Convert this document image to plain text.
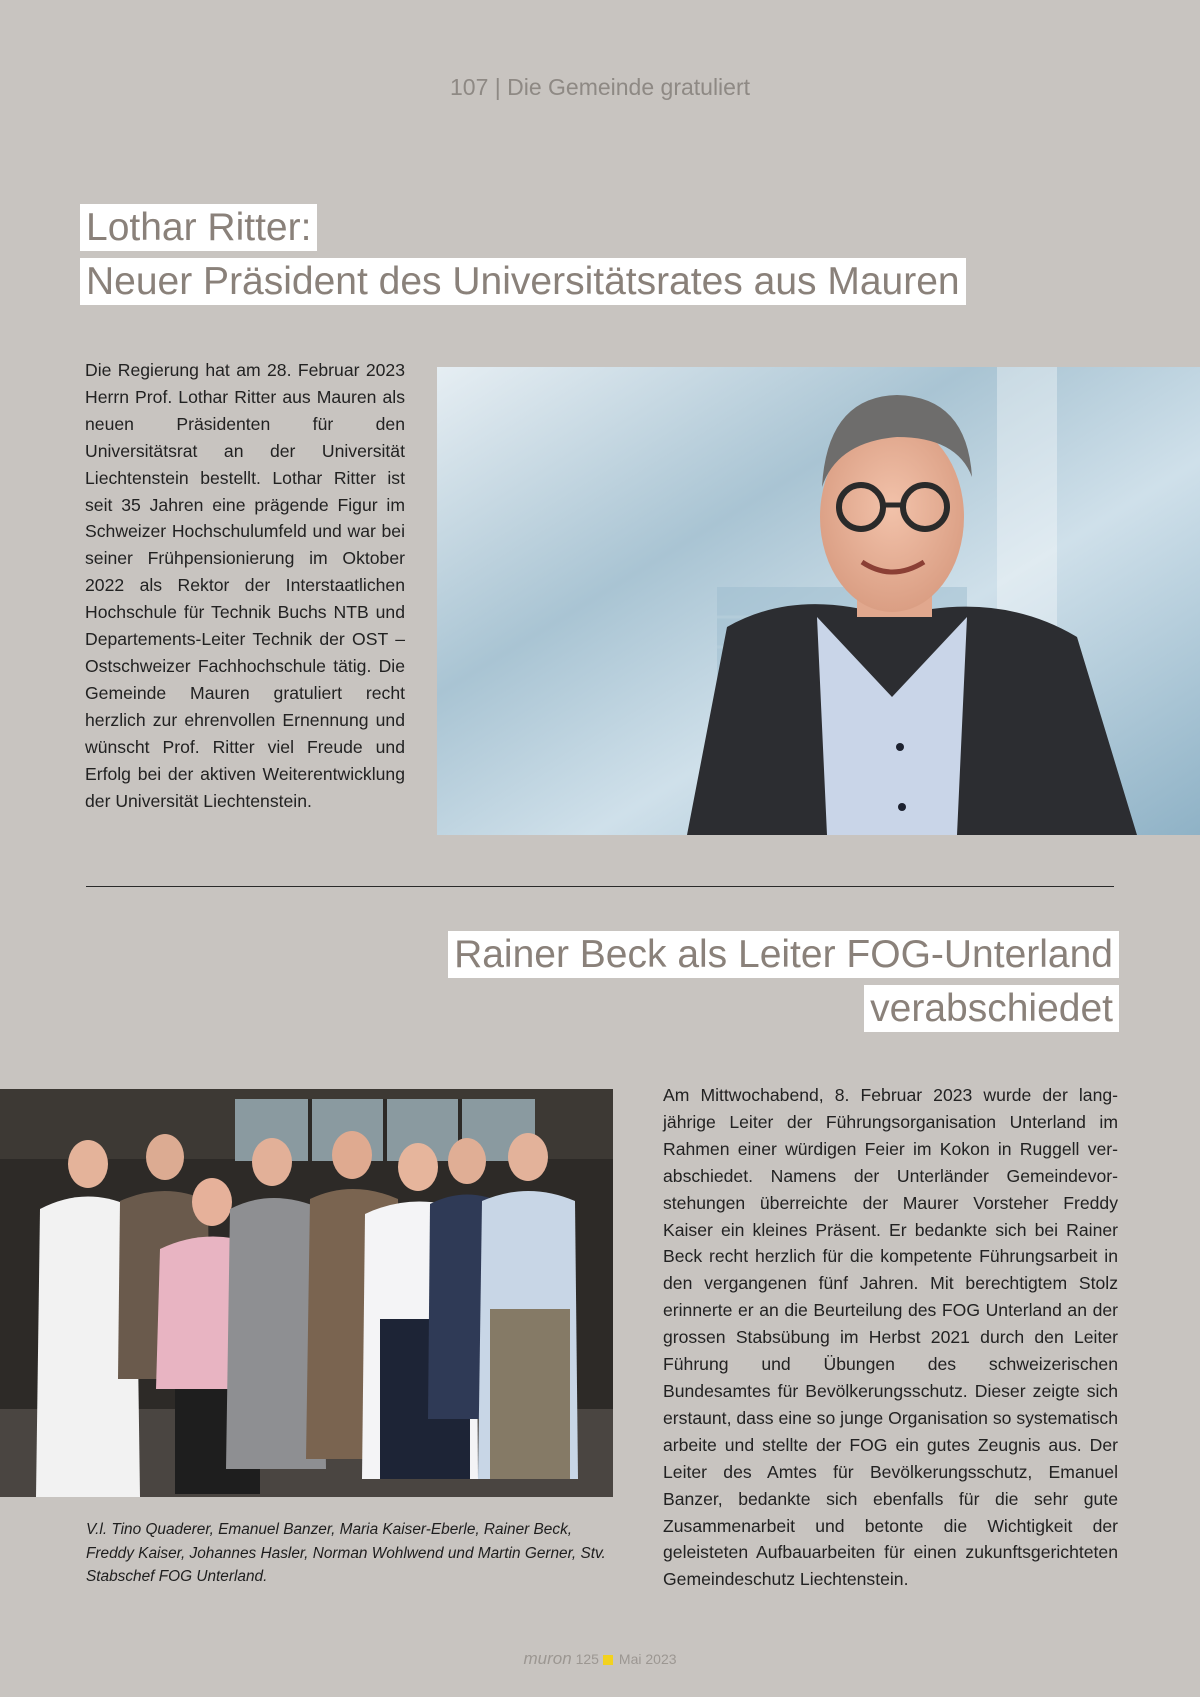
107 | Die Gemeinde gratuliert
Lothar Ritter:
Neuer Präsident des Universitätsrates aus Mauren
Die Regierung hat am 28. Februar 2023 Herrn Prof. Lothar Ritter aus Mauren als neuen Präsidenten für den Universitätsrat an der Universität Liechtenstein bestellt. Lothar Ritter ist seit 35 Jahren eine prägende Figur im Schweizer Hochschulumfeld und war bei seiner Frühpensionierung im Oktober 2022 als Rektor der Interstaatlichen Hochschule für Technik Buchs NTB und Departements-Leiter Technik der OST – Ostschweizer Fachhochschule tätig. Die Gemeinde Mauren gratuliert recht herzlich zur ehrenvollen Ernennung und wünscht Prof. Ritter viel Freude und Erfolg bei der aktiven Weiterentwicklung der Universität Liechtenstein.
Rainer Beck als Leiter FOG-Unterland
verabschiedet
V.l. Tino Quaderer, Emanuel Banzer, Maria Kaiser-Eberle, Rainer Beck, Freddy Kaiser, Johannes Hasler, Norman Wohlwend und Martin Gerner, Stv. Stabschef FOG Unterland.
Am Mittwochabend, 8. Februar 2023 wurde der langjährige Leiter der Führungsorganisation Unterland im Rahmen einer würdigen Feier im Kokon in Ruggell verabschiedet. Namens der Unterländer Gemeindevorstehungen überreichte der Maurer Vorsteher Freddy Kaiser ein kleines Präsent. Er bedankte sich bei Rainer Beck recht herzlich für die kompetente Führungsarbeit in den vergangenen fünf Jahren. Mit berechtigtem Stolz erinnerte er an die Beurteilung des FOG Unterland an der grossen Stabsübung im Herbst 2021 durch den Leiter Führung und Übungen des schweizerischen Bundesamtes für Bevölkerungsschutz. Dieser zeigte sich erstaunt, dass eine so junge Organisation so systematisch arbeite und stellte der FOG ein gutes Zeugnis aus. Der Leiter des Amtes für Bevölkerungsschutz, Emanuel Banzer, bedankte sich ebenfalls für die sehr gute Zusammenarbeit und betonte die Wichtigkeit der geleisteten Aufbauarbeiten für einen zukunftsgerichteten Gemeindeschutz Liechtenstein.
muron 125 Mai 2023
